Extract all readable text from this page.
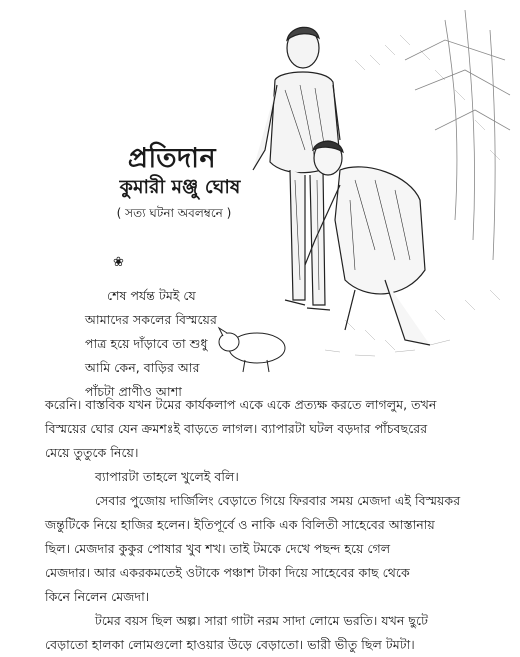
প্রতিদান
কুমারী মঞ্জু ঘোষ
( সত্য ঘটনা অবলম্বনে )
❀
শেষ পর্যন্ত টমই যে
আমাদের সকলের বিস্ময়ের
পাত্র হয়ে দাঁড়াবে তা শুধু
আমি কেন, বাড়ির আর
পাঁচটা প্রাণীও আশা
করেনি। বাস্তবিক যখন টমের কার্যকলাপ একে একে প্রত্যক্ষ করতে লাগলুম, তখন
বিস্ময়ের ঘোর যেন ক্রমশঃই বাড়তে লাগল। ব্যাপারটা ঘটল বড়দার পাঁচবছরের
মেয়ে তুতুকে নিয়ে।
ব্যাপারটা তাহলে খুলেই বলি।
সেবার পুজোয় দার্জিলিং বেড়াতে গিয়ে ফিরবার সময় মেজদা এই বিস্ময়কর
জন্তুটিকে নিয়ে হাজির হলেন। ইতিপূর্বে ও নাকি এক বিলিতী সাহেবের আস্তানায়
ছিল। মেজদার কুকুর পোষার খুব শখ। তাই টমকে দেখে পছন্দ হয়ে গেল
মেজদার। আর একরকমতেই ওটাকে পঞ্চাশ টাকা দিয়ে সাহেবের কাছ থেকে
কিনে নিলেন মেজদা।
টমের বয়স ছিল অল্প। সারা গাটা নরম সাদা লোমে ভরতি। যখন ছুটে
বেড়াতো হালকা লোমগুলো হাওয়ার উড়ে বেড়াতো। ভারী ভীতু ছিল টমটা।
